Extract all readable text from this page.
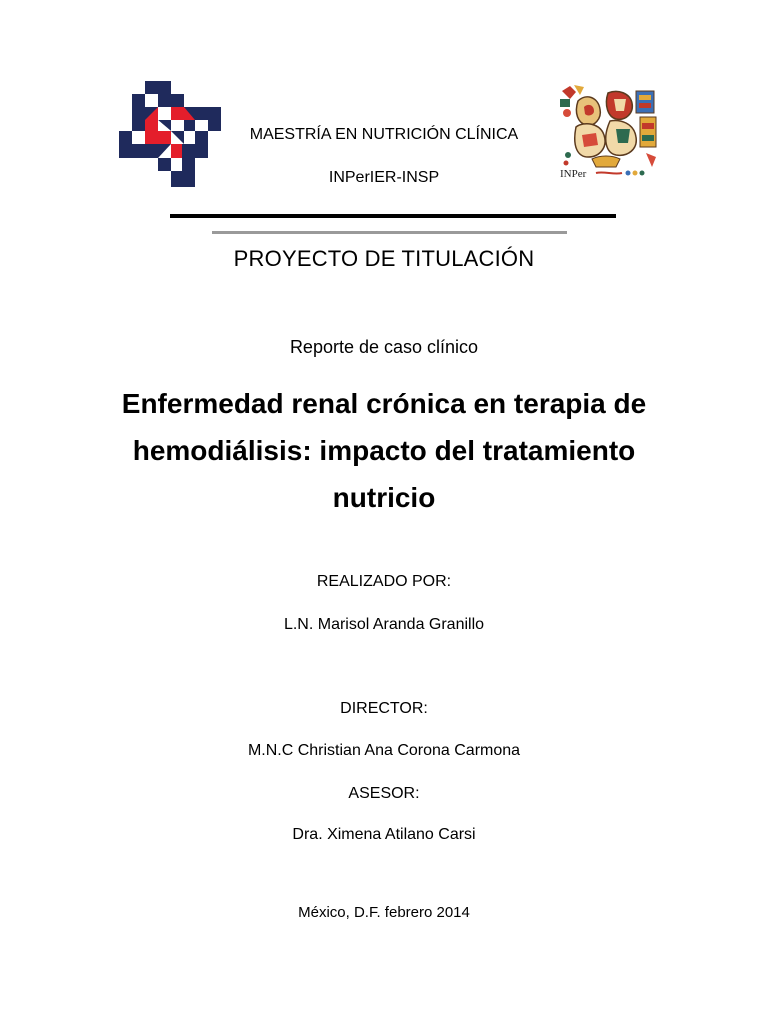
INPer
MAESTRÍA EN NUTRICIÓN CLÍNICA
INPerIER-INSP
PROYECTO DE TITULACIÓN
Reporte de caso clínico
Enfermedad renal crónica en terapia de
hemodiálisis: impacto del tratamiento
nutricio
REALIZADO POR:
L.N. Marisol Aranda Granillo
DIRECTOR:
M.N.C Christian Ana Corona Carmona
ASESOR:
Dra. Ximena Atilano Carsi
México, D.F. febrero 2014
